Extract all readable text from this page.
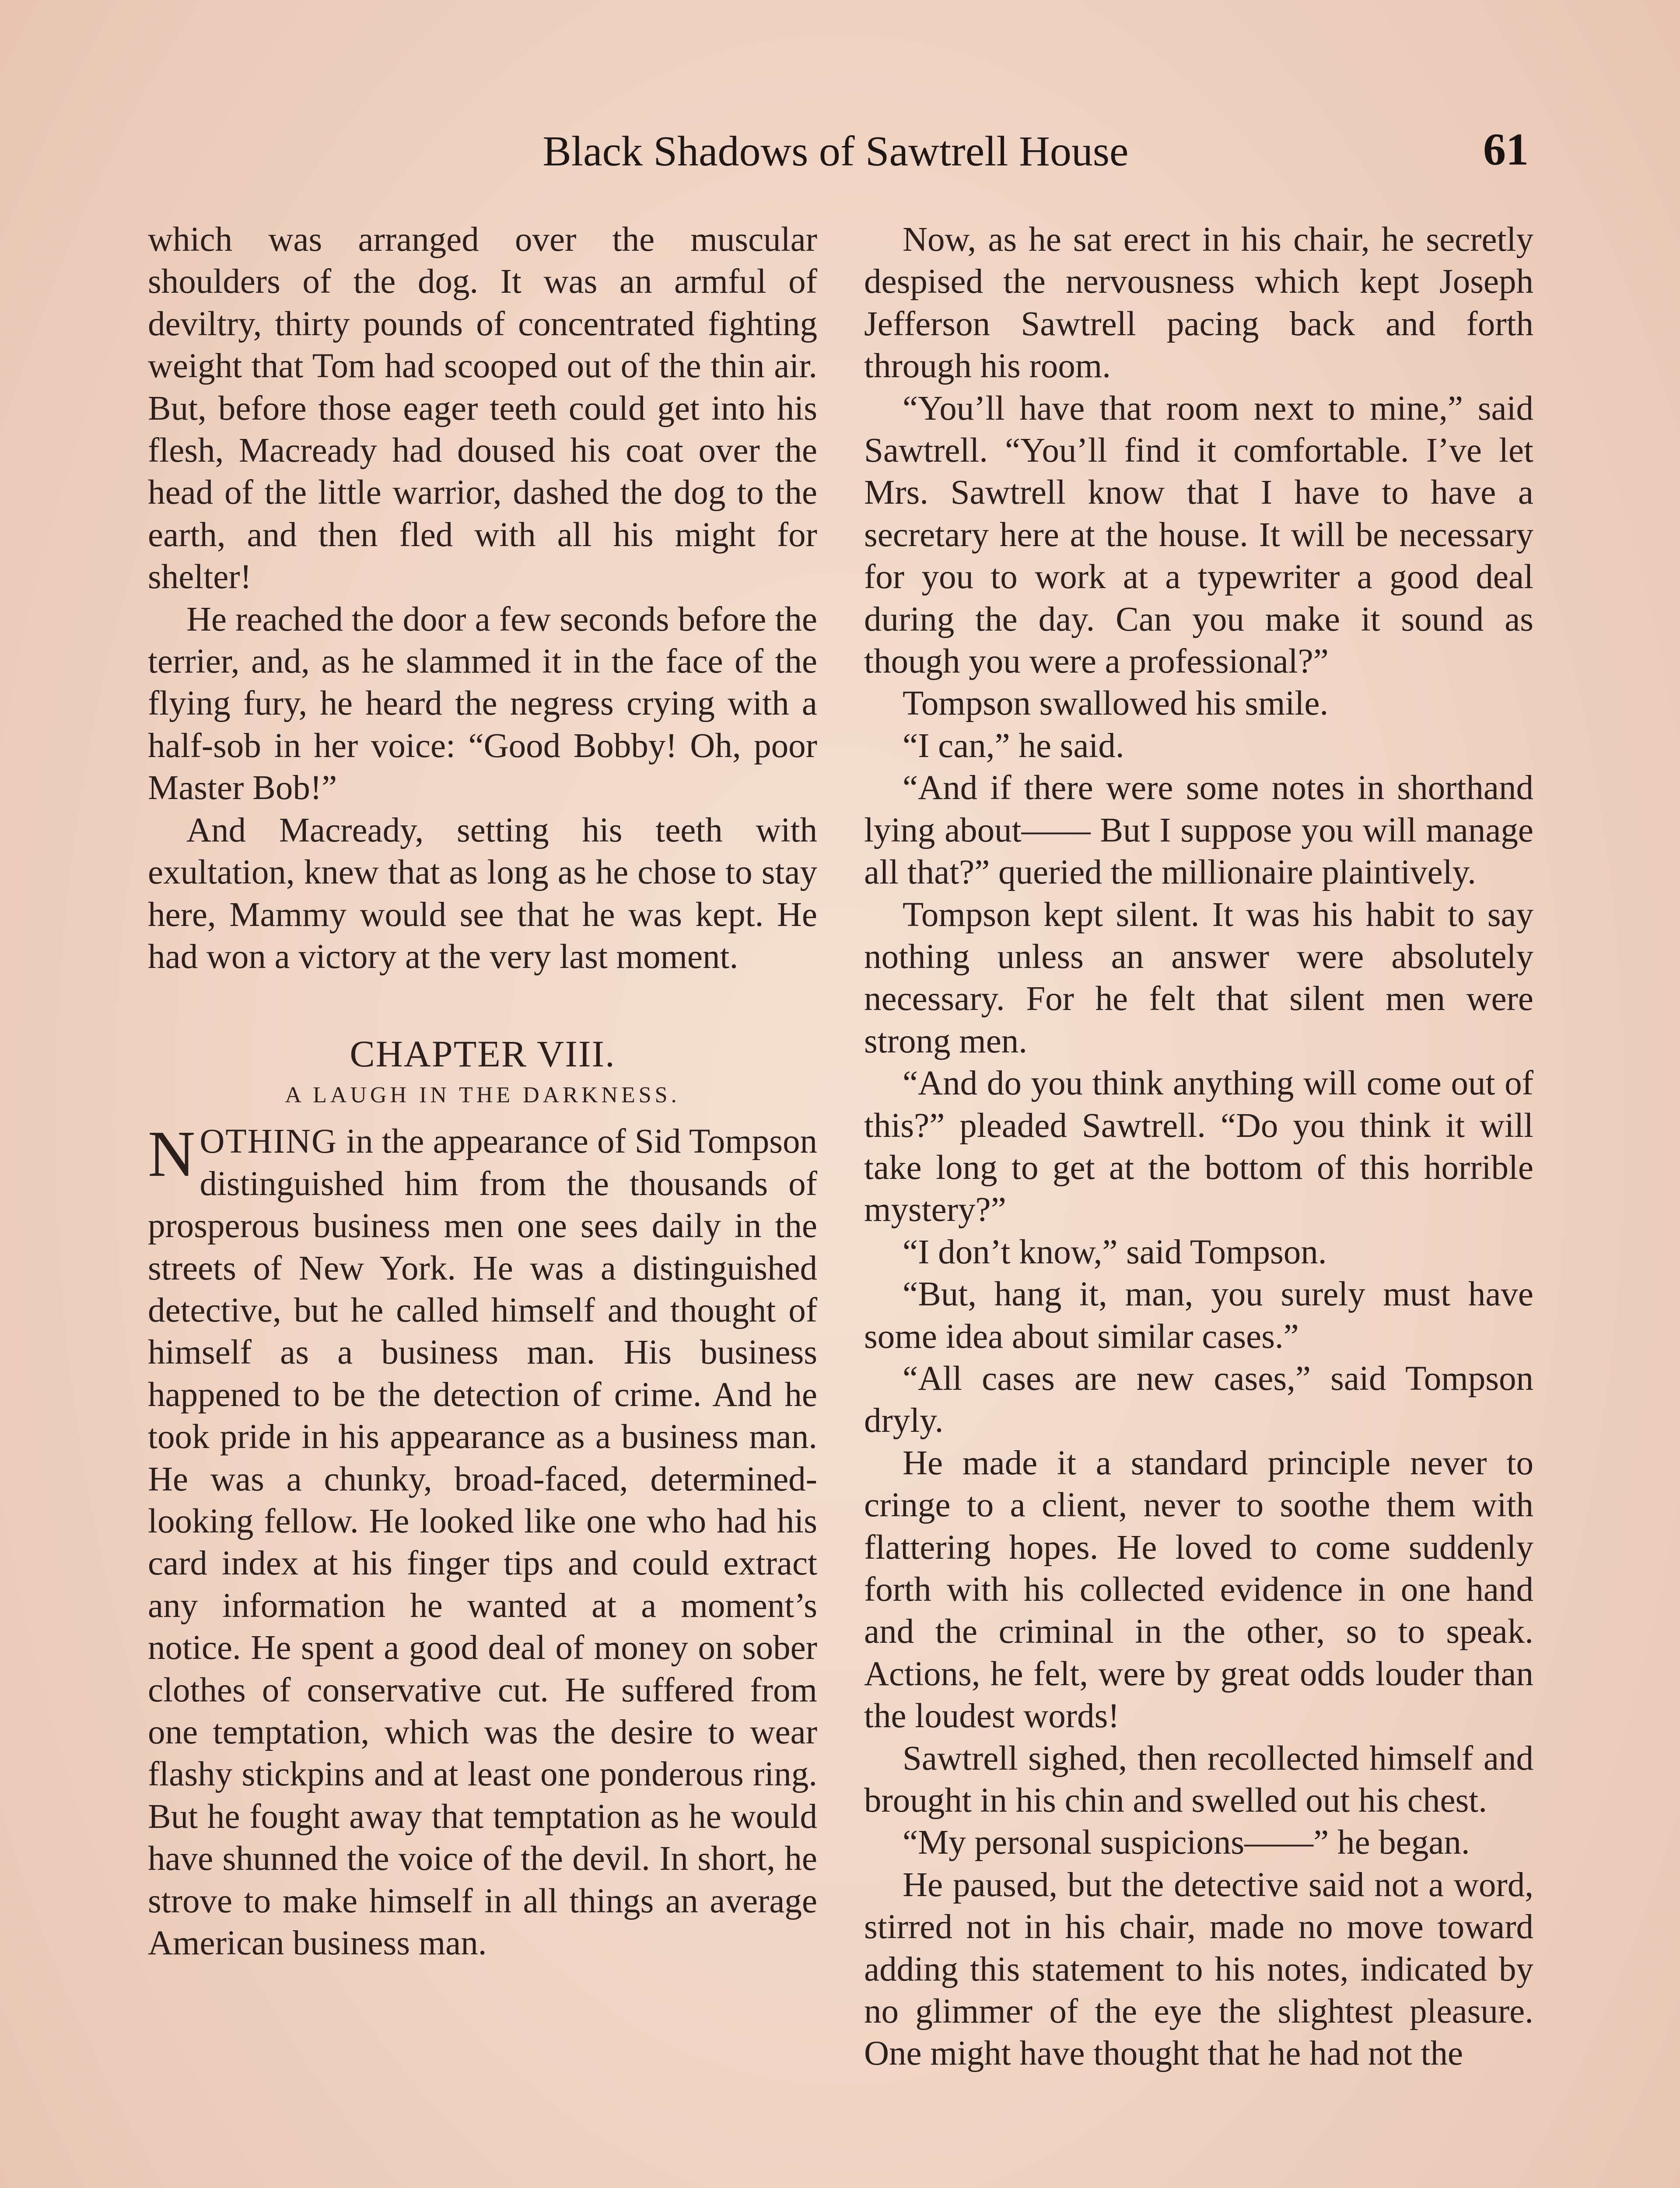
Black Shadows of Sawtrell House	61

which was arranged over the muscular shoulders of the dog. It was an armful of deviltry, thirty pounds of concentrated fighting weight that Tom had scooped out of the thin air. But, before those eager teeth could get into his flesh, Macready had doused his coat over the head of the little warrior, dashed the dog to the earth, and then fled with all his might for shelter!

He reached the door a few seconds before the terrier, and, as he slammed it in the face of the flying fury, he heard the negress crying with a half-sob in her voice: “Good Bobby! Oh, poor Master Bob!”

And Macready, setting his teeth with exultation, knew that as long as he chose to stay here, Mammy would see that he was kept. He had won a victory at the very last moment.

CHAPTER VIII.
A LAUGH IN THE DARKNESS.

NOTHING in the appearance of Sid Tompson distinguished him from the thousands of prosperous business men one sees daily in the streets of New York. He was a distinguished detective, but he called himself and thought of himself as a business man. His business happened to be the detection of crime. And he took pride in his appearance as a business man. He was a chunky, broad-faced, determined-looking fellow. He looked like one who had his card index at his finger tips and could extract any information he wanted at a moment’s notice. He spent a good deal of money on sober clothes of conservative cut. He suffered from one temptation, which was the desire to wear flashy stickpins and at least one ponderous ring. But he fought away that temptation as he would have shunned the voice of the devil. In short, he strove to make himself in all things an average American business man.

Now, as he sat erect in his chair, he secretly despised the nervousness which kept Joseph Jefferson Sawtrell pacing back and forth through his room.

“You’ll have that room next to mine,” said Sawtrell. “You’ll find it comfortable. I’ve let Mrs. Sawtrell know that I have to have a secretary here at the house. It will be necessary for you to work at a typewriter a good deal during the day. Can you make it sound as though you were a professional?”

Tompson swallowed his smile.

“I can,” he said.

“And if there were some notes in shorthand lying about—— But I suppose you will manage all that?” queried the millionaire plaintively.

Tompson kept silent. It was his habit to say nothing unless an answer were absolutely necessary. For he felt that silent men were strong men.

“And do you think anything will come out of this?” pleaded Sawtrell. “Do you think it will take long to get at the bottom of this horrible mystery?”

“I don’t know,” said Tompson.

“But, hang it, man, you surely must have some idea about similar cases.”

“All cases are new cases,” said Tompson dryly.

He made it a standard principle never to cringe to a client, never to soothe them with flattering hopes. He loved to come suddenly forth with his collected evidence in one hand and the criminal in the other, so to speak. Actions, he felt, were by great odds louder than the loudest words!

Sawtrell sighed, then recollected himself and brought in his chin and swelled out his chest.

“My personal suspicions——” he began.

He paused, but the detective said not a word, stirred not in his chair, made no move toward adding this statement to his notes, indicated by no glimmer of the eye the slightest pleasure. One might have thought that he had not the
